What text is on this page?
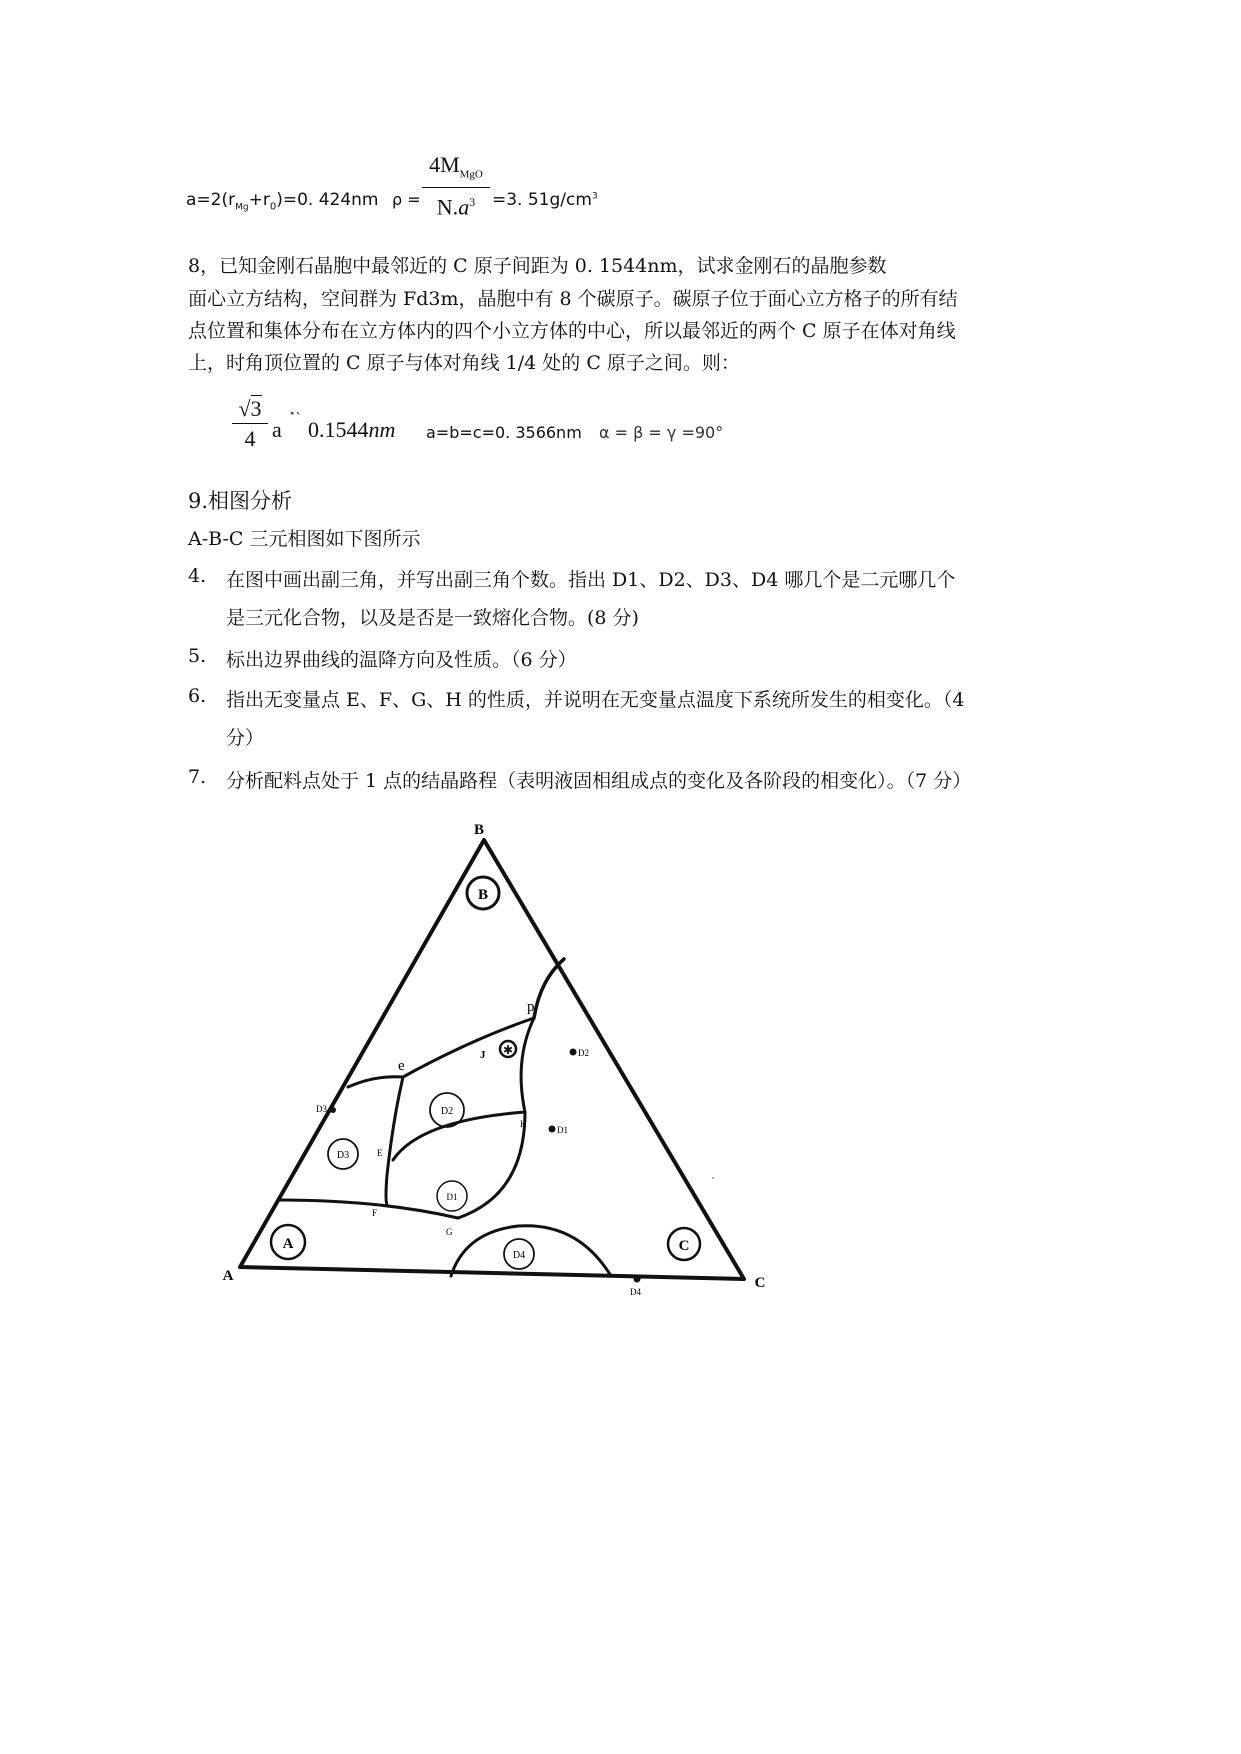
$a=2(r_{Mg}+r_0)=0$. 424nm ρ =
$4M_{MgO}$
$N.a^3 =3$. $51g/cm^3$
8，已知金刚石晶胞中最邻近的 C 原子间距为 0. 1544nm，试求金刚石的晶胞参数
面心立方结构，空间群为 Fd3m，晶胞中有 8 个碳原子。碳原子位于面心立方格子的所有结
点位置和集体分布在立方体内的四个小立方体的中心，所以最邻近的两个 C 原子在体对角线
上，时角顶位置的 C 原子与体对角线 1/4 处的 C 原子之间。则：
√3
4 a ˟ˋ 0.1544nm a=b=c=0. 3566nm α = β = γ =90°
9.相图分析
A-B-C 三元相图如下图所示
4. 在图中画出副三角，并写出副三角个数。指出 D1、D2、D3、D4 哪几个是二元哪几个
是三元化合物，以及是否是一致熔化合物。(8 分)
5. 标出边界曲线的温降方向及性质。（6 分）
6. 指出无变量点 E、F、G、H 的性质，并说明在无变量点温度下系统所发生的相变化。（4
分）
7. 分析配料点处于 1 点的结晶路程（表明液固相组成点的变化及各阶段的相变化）。（7 分）
✱
B
A	C
B
A	C
D2
D3
D1
D4
D2
D1
D3
D4
e
p
J
E
F
G
H
